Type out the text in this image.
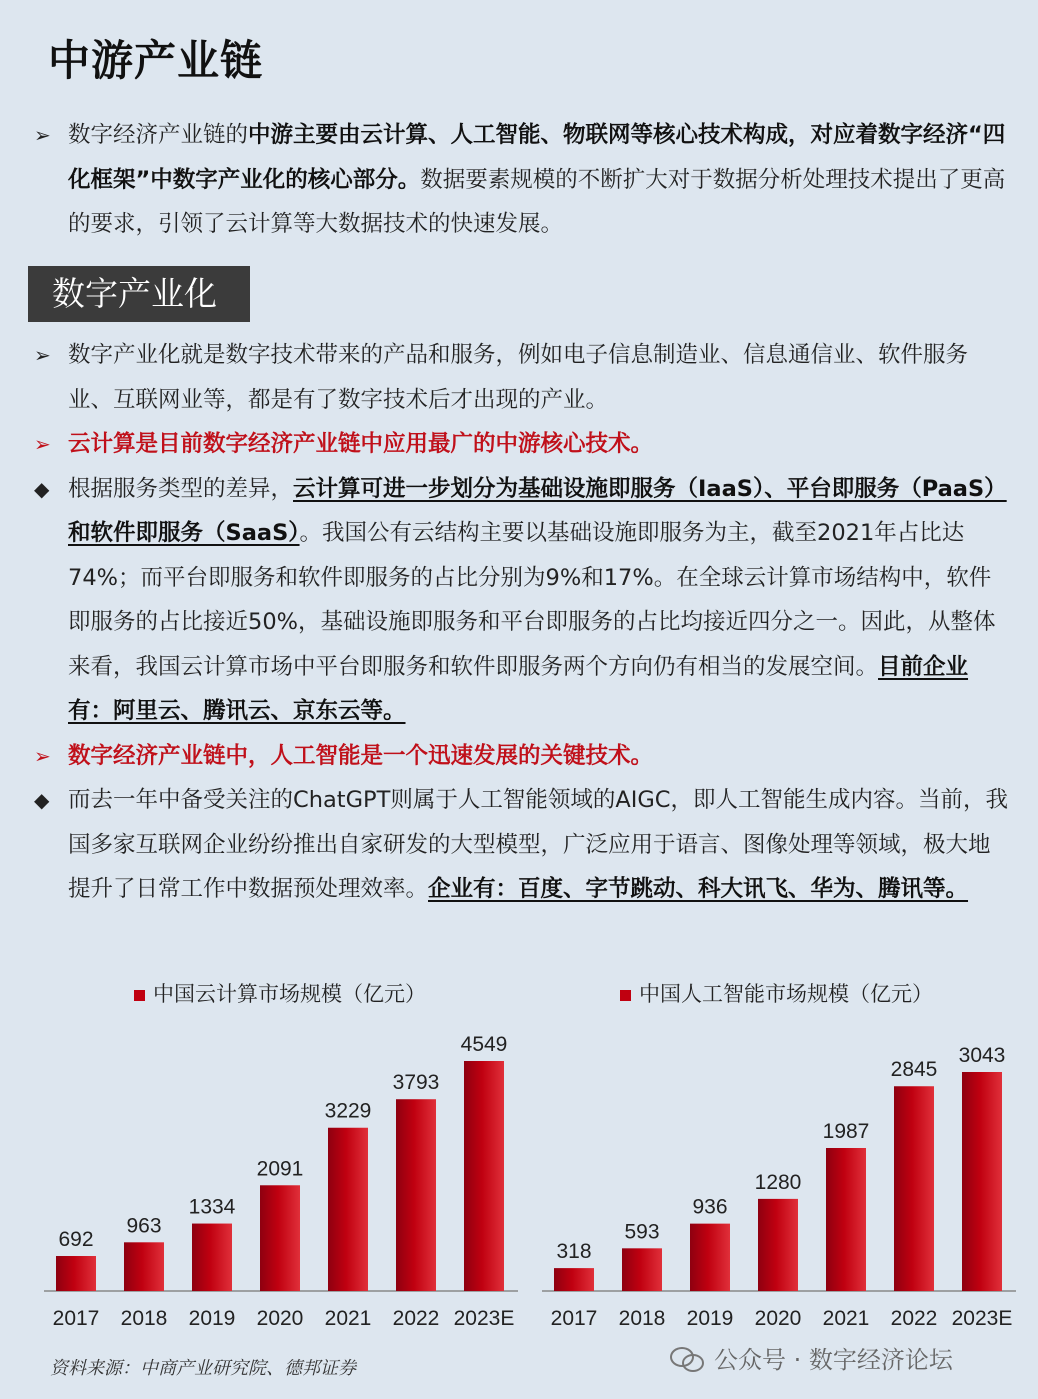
中游产业链
➢ 数字经济产业链的中游主要由云计算、人工智能、物联网等核心技术构成，对应着数字经济“四化框架”中数字产业化的核心部分。数据要素规模的不断扩大对于数据分析处理技术提出了更高的要求，引领了云计算等大数据技术的快速发展。
数字产业化
➢ 数字产业化就是数字技术带来的产品和服务，例如电子信息制造业、信息通信业、软件服务业、互联网业等，都是有了数字技术后才出现的产业。
➢ 云计算是目前数字经济产业链中应用最广的中游核心技术。
◆ 根据服务类型的差异，云计算可进一步划分为基础设施即服务（IaaS）、平台即服务（PaaS）和软件即服务（SaaS）。我国公有云结构主要以基础设施即服务为主，截至2021年占比达74%；而平台即服务和软件即服务的占比分别为9%和17%。在全球云计算市场结构中，软件即服务的占比接近50%，基础设施即服务和平台即服务的占比均接近四分之一。因此，从整体来看，我国云计算市场中平台即服务和软件即服务两个方向仍有相当的发展空间。目前企业有：阿里云、腾讯云、京东云等。
➢ 数字经济产业链中，人工智能是一个迅速发展的关键技术。
◆ 而去一年中备受关注的ChatGPT则属于人工智能领域的AIGC，即人工智能生成内容。当前，我国多家互联网企业纷纷推出自家研发的大型模型，广泛应用于语言、图像处理等领域，极大地提升了日常工作中数据预处理效率。企业有：百度、字节跳动、科大讯飞、华为、腾讯等。
中国云计算市场规模（亿元）	中国人工智能市场规模（亿元）
692
2017
963
2018
1334
2019
2091
2020
3229
2021
3793
2022
4549
2023E
318
2017
593
2018
936
2019
1280
2020
1987
2021
2845
2022
3043
2023E
资料来源：中商产业研究院、德邦证券	公众号 · 数字经济论坛
